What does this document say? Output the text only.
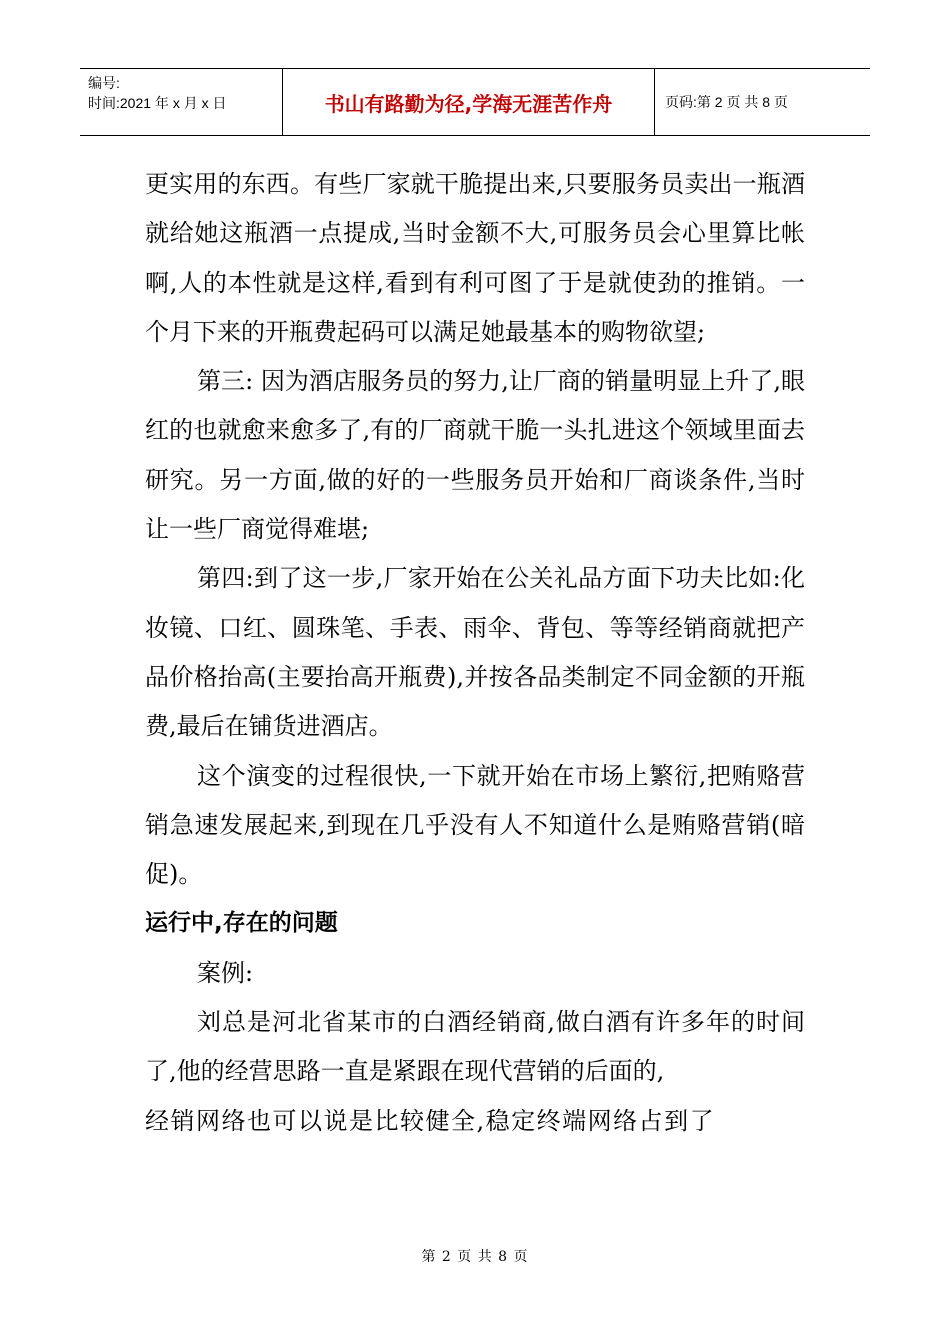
编号:
时间:2021 年 x 月 x 日	书山有路勤为径,学海无涯苦作舟	页码:第 2 页 共 8 页

更实用的东西。有些厂家就干脆提出来,只要服务员卖出一瓶酒就给她这瓶酒一点提成,当时金额不大,可服务员会心里算比帐啊,人的本性就是这样,看到有利可图了于是就使劲的推销。一个月下来的开瓶费起码可以满足她最基本的购物欲望;

第三: 因为酒店服务员的努力,让厂商的销量明显上升了,眼红的也就愈来愈多了,有的厂商就干脆一头扎进这个领域里面去研究。另一方面,做的好的一些服务员开始和厂商谈条件,当时让一些厂商觉得难堪;

第四:到了这一步,厂家开始在公关礼品方面下功夫比如:化妆镜、口红、圆珠笔、手表、雨伞、背包、等等经销商就把产品价格抬高(主要抬高开瓶费),并按各品类制定不同金额的开瓶费,最后在铺货进酒店。

这个演变的过程很快,一下就开始在市场上繁衍,把贿赂营销急速发展起来,到现在几乎没有人不知道什么是贿赂营销(暗促)。

运行中,存在的问题

案例:

刘总是河北省某市的白酒经销商,做白酒有许多年的时间了,他的经营思路一直是紧跟在现代营销的后面的,

经销网络也可以说是比较健全,稳定终端网络占到了

第 2 页 共 8 页
